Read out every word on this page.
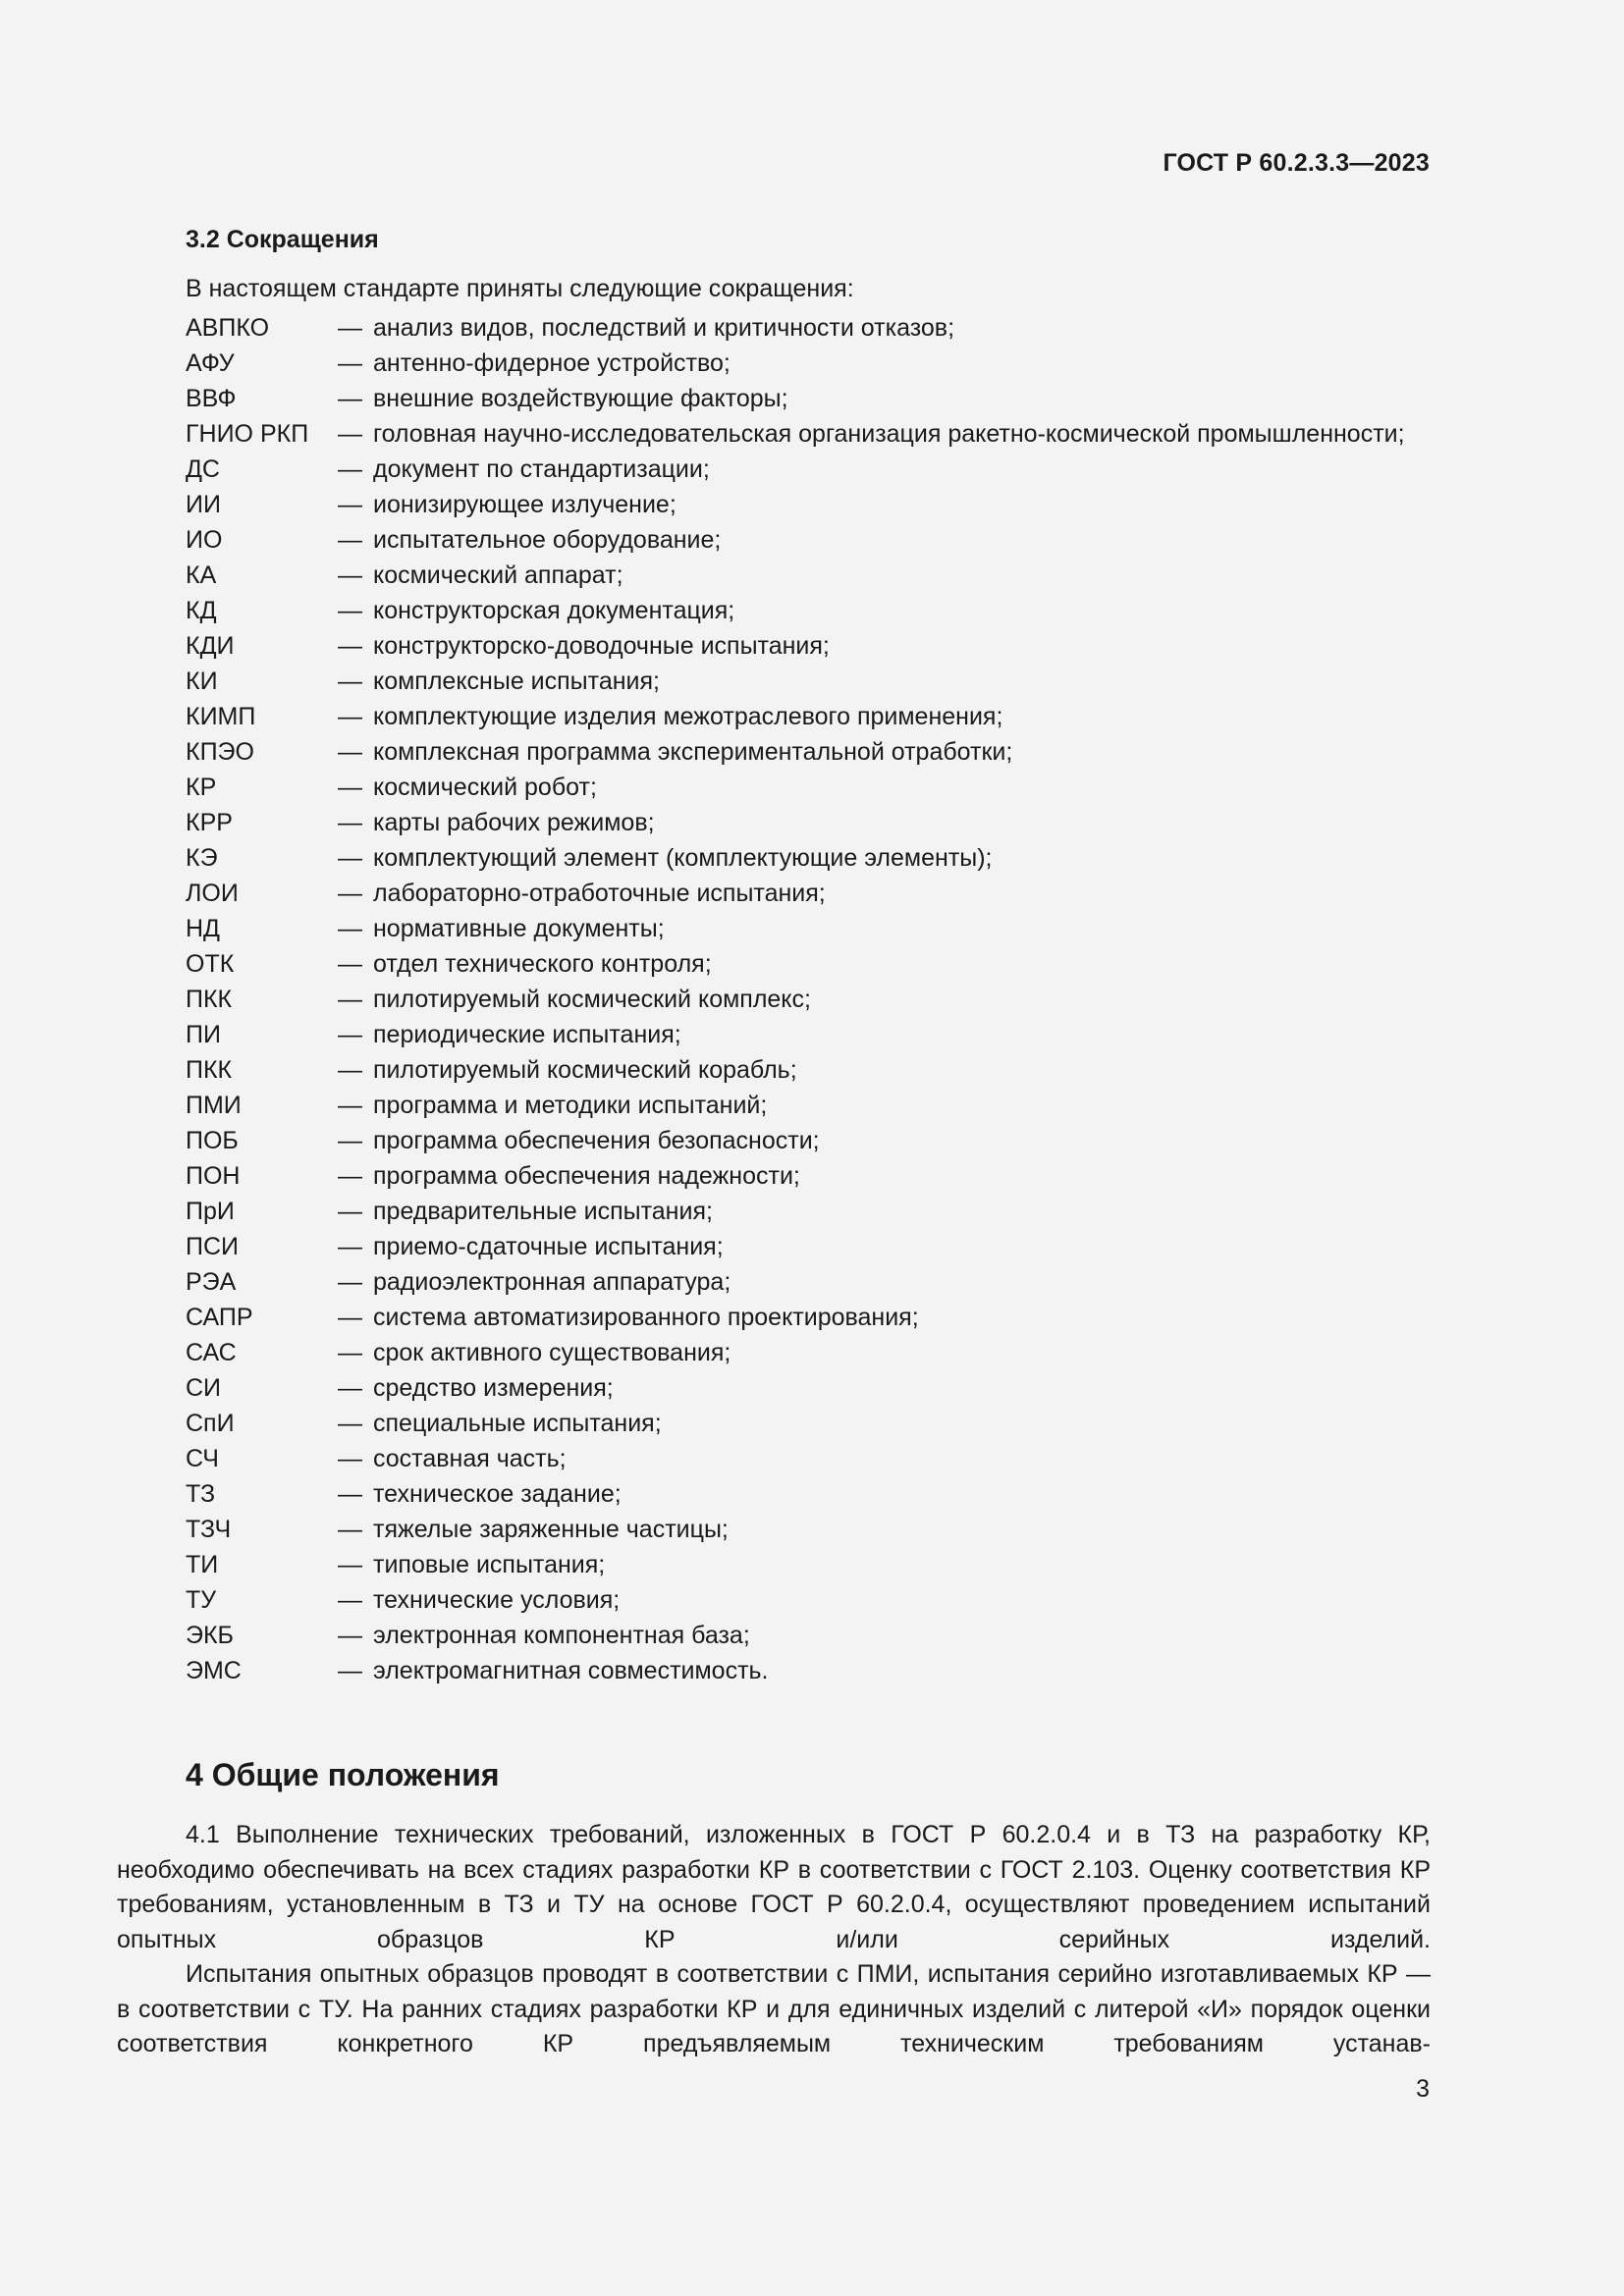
ГОСТ Р 60.2.3.3—2023
3.2 Сокращения
В настоящем стандарте приняты следующие сокращения:
АВПКО	— анализ видов, последствий и критичности отказов;
АФУ	— антенно-фидерное устройство;
ВВФ	— внешние воздействующие факторы;
ГНИО РКП	— головная научно-исследовательская организация ракетно-космической промышленности;
ДС	— документ по стандартизации;
ИИ	— ионизирующее излучение;
ИО	— испытательное оборудование;
КА	— космический аппарат;
КД	— конструкторская документация;
КДИ	— конструкторско-доводочные испытания;
КИ	— комплексные испытания;
КИМП	— комплектующие изделия межотраслевого применения;
КПЭО	— комплексная программа экспериментальной отработки;
КР	— космический робот;
КРР	— карты рабочих режимов;
КЭ	— комплектующий элемент (комплектующие элементы);
ЛОИ	— лабораторно-отработочные испытания;
НД	— нормативные документы;
ОТК	— отдел технического контроля;
ПКК	— пилотируемый космический комплекс;
ПИ	— периодические испытания;
ПКК	— пилотируемый космический корабль;
ПМИ	— программа и методики испытаний;
ПОБ	— программа обеспечения безопасности;
ПОН	— программа обеспечения надежности;
ПрИ	— предварительные испытания;
ПСИ	— приемо-сдаточные испытания;
РЭА	— радиоэлектронная аппаратура;
САПР	— система автоматизированного проектирования;
САС	— срок активного существования;
СИ	— средство измерения;
СпИ	— специальные испытания;
СЧ	— составная часть;
ТЗ	— техническое задание;
ТЗЧ	— тяжелые заряженные частицы;
ТИ	— типовые испытания;
ТУ	— технические условия;
ЭКБ	— электронная компонентная база;
ЭМС	— электромагнитная совместимость.
4 Общие положения

4.1 Выполнение технических требований, изложенных в ГОСТ Р 60.2.0.4 и в ТЗ на разработку КР, необходимо обеспечивать на всех стадиях разработки КР в соответствии с ГОСТ 2.103. Оценку соответствия КР требованиям, установленным в ТЗ и ТУ на основе ГОСТ Р 60.2.0.4, осуществляют проведением испытаний опытных образцов КР и/или серийных изделий.

Испытания опытных образцов проводят в соответствии с ПМИ, испытания серийно изготавливаемых КР — в соответствии с ТУ. На ранних стадиях разработки КР и для единичных изделий с литерой «И» порядок оценки соответствия конкретного КР предъявляемым техническим требованиям устанав-

3
